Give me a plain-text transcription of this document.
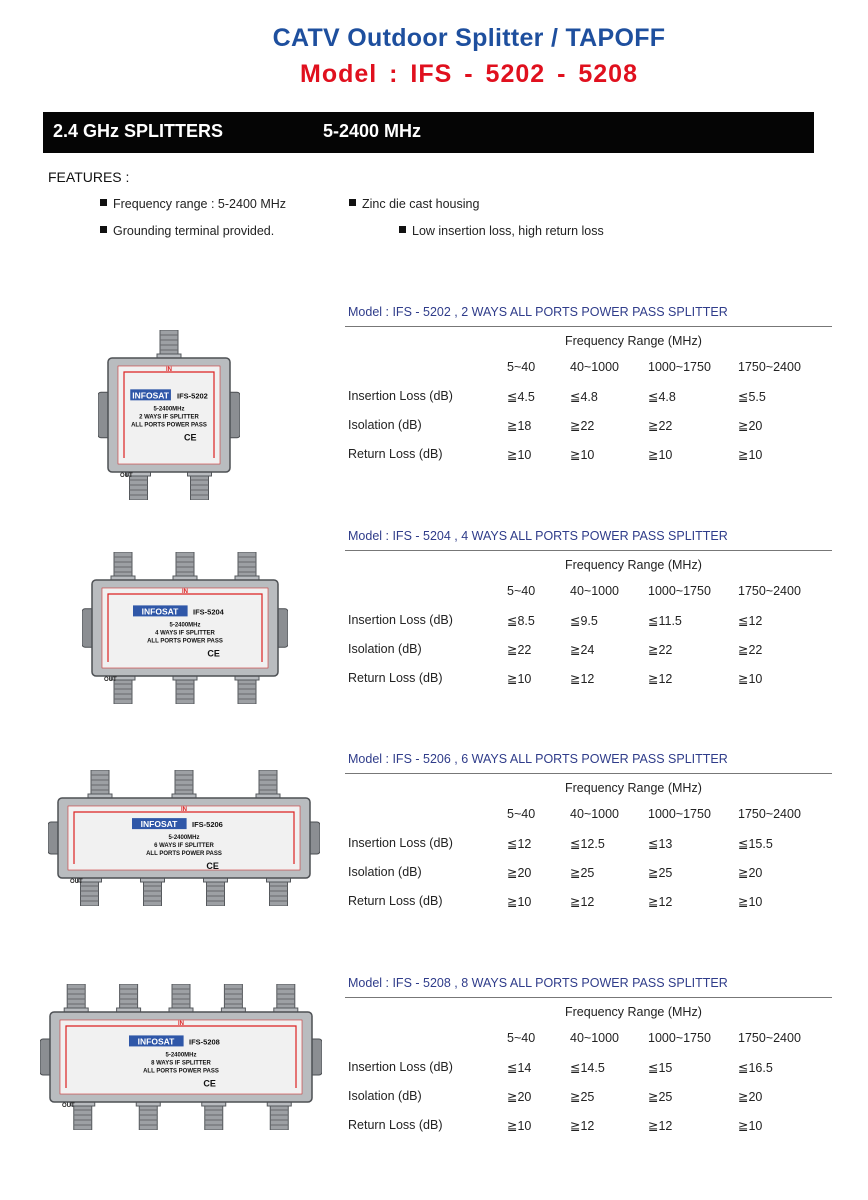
CATV Outdoor Splitter / TAPOFF
Model : IFS - 5202 - 5208
2.4 GHz SPLITTERS	5-2400 MHz
FEATURES :
Frequency range : 5-2400 MHz	Zinc die cast housing
Grounding terminal provided.	Low insertion loss, high return loss
Model : IFS - 5202 , 2 WAYS ALL PORTS POWER PASS SPLITTER
Frequency Range (MHz)
5~40	40~1000 1000~1750 1750~2400
Insertion Loss (dB)	≦4.5	≦4.8	≦4.8	≦5.5
Isolation (dB)	≧18	≧22	≧22	≧20
Return Loss (dB)	≧10	≧10	≧10	≧10
IN
OUT
INFOSAT IFS-5202
5-2400MHz
2 WAYS IF SPLITTER
ALL PORTS POWER PASS
CE
Model : IFS - 5204 , 4 WAYS ALL PORTS POWER PASS SPLITTER
Frequency Range (MHz)
5~40	40~1000 1000~1750 1750~2400
Insertion Loss (dB)	≦8.5	≦9.5	≦11.5	≦12
Isolation (dB)	≧22	≧24	≧22	≧22
Return Loss (dB)	≧10	≧12	≧12	≧10
IN
OUT
INFOSAT IFS-5204
5-2400MHz
4 WAYS IF SPLITTER
ALL PORTS POWER PASS
CE
Model : IFS - 5206 , 6 WAYS ALL PORTS POWER PASS SPLITTER
Frequency Range (MHz)
5~40	40~1000 1000~1750 1750~2400
Insertion Loss (dB)	≦12	≦12.5	≦13	≦15.5
Isolation (dB)	≧20	≧25	≧25	≧20
Return Loss (dB)	≧10	≧12	≧12	≧10
IN
OUT
INFOSAT IFS-5206
5-2400MHz
6 WAYS IF SPLITTER
ALL PORTS POWER PASS
CE
Model : IFS - 5208 , 8 WAYS ALL PORTS POWER PASS SPLITTER
Frequency Range (MHz)
5~40	40~1000 1000~1750 1750~2400
Insertion Loss (dB)	≦14	≦14.5	≦15	≦16.5
Isolation (dB)	≧20	≧25	≧25	≧20
Return Loss (dB)	≧10	≧12	≧12	≧10
IN
OUT
INFOSAT IFS-5208
5-2400MHz
8 WAYS IF SPLITTER
ALL PORTS POWER PASS
CE
